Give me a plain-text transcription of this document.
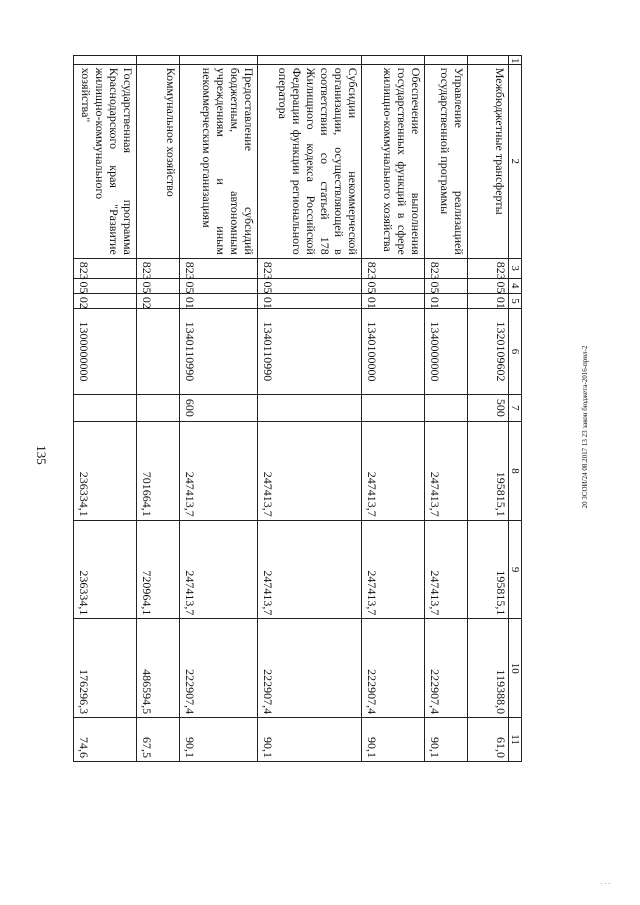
135
1	2	3	4	5	6	7	8	9	10	11
	Межбюджетные трансферты	823	05	01	1320109602	500	195815,1	195815,1	119388,0	61,0
	Управление реализацией государственной программы	823	05	01	1340000000		247413,7	247413,7	222907,4	90,1
	Обеспечение выполнения государственных функций в сфере жилищно-коммунального хозяйства	823	05	01	1340100000		247413,7	247413,7	222907,4	90,1
	Субсидии некоммерческой организации, осуществляющей в соответствии со статьей 178 Жилищного кодекса Российской Федерации функции регионального оператора	823	05	01	1340110990		247413,7	247413,7	222907,4	90,1
	Предоставление субсидий бюджетным, автономным учреждениям и иным некоммерческим организациям	823	05	01	1340110990	600	247413,7	247413,7	222907,4	90,1
	Коммунальное хозяйство	823	05	02			701664,1	720964,1	486594,5	67,5
	Государственная программа Краснодарского края "Развитие жилищно-коммунального хозяйства"	823	05	02	1300000000		236334,1	236334,1	176296,3	74,6
20 ЗСОИ/24 08.2017 13 23 закон бюджета-2016-прил-2
· · ·
